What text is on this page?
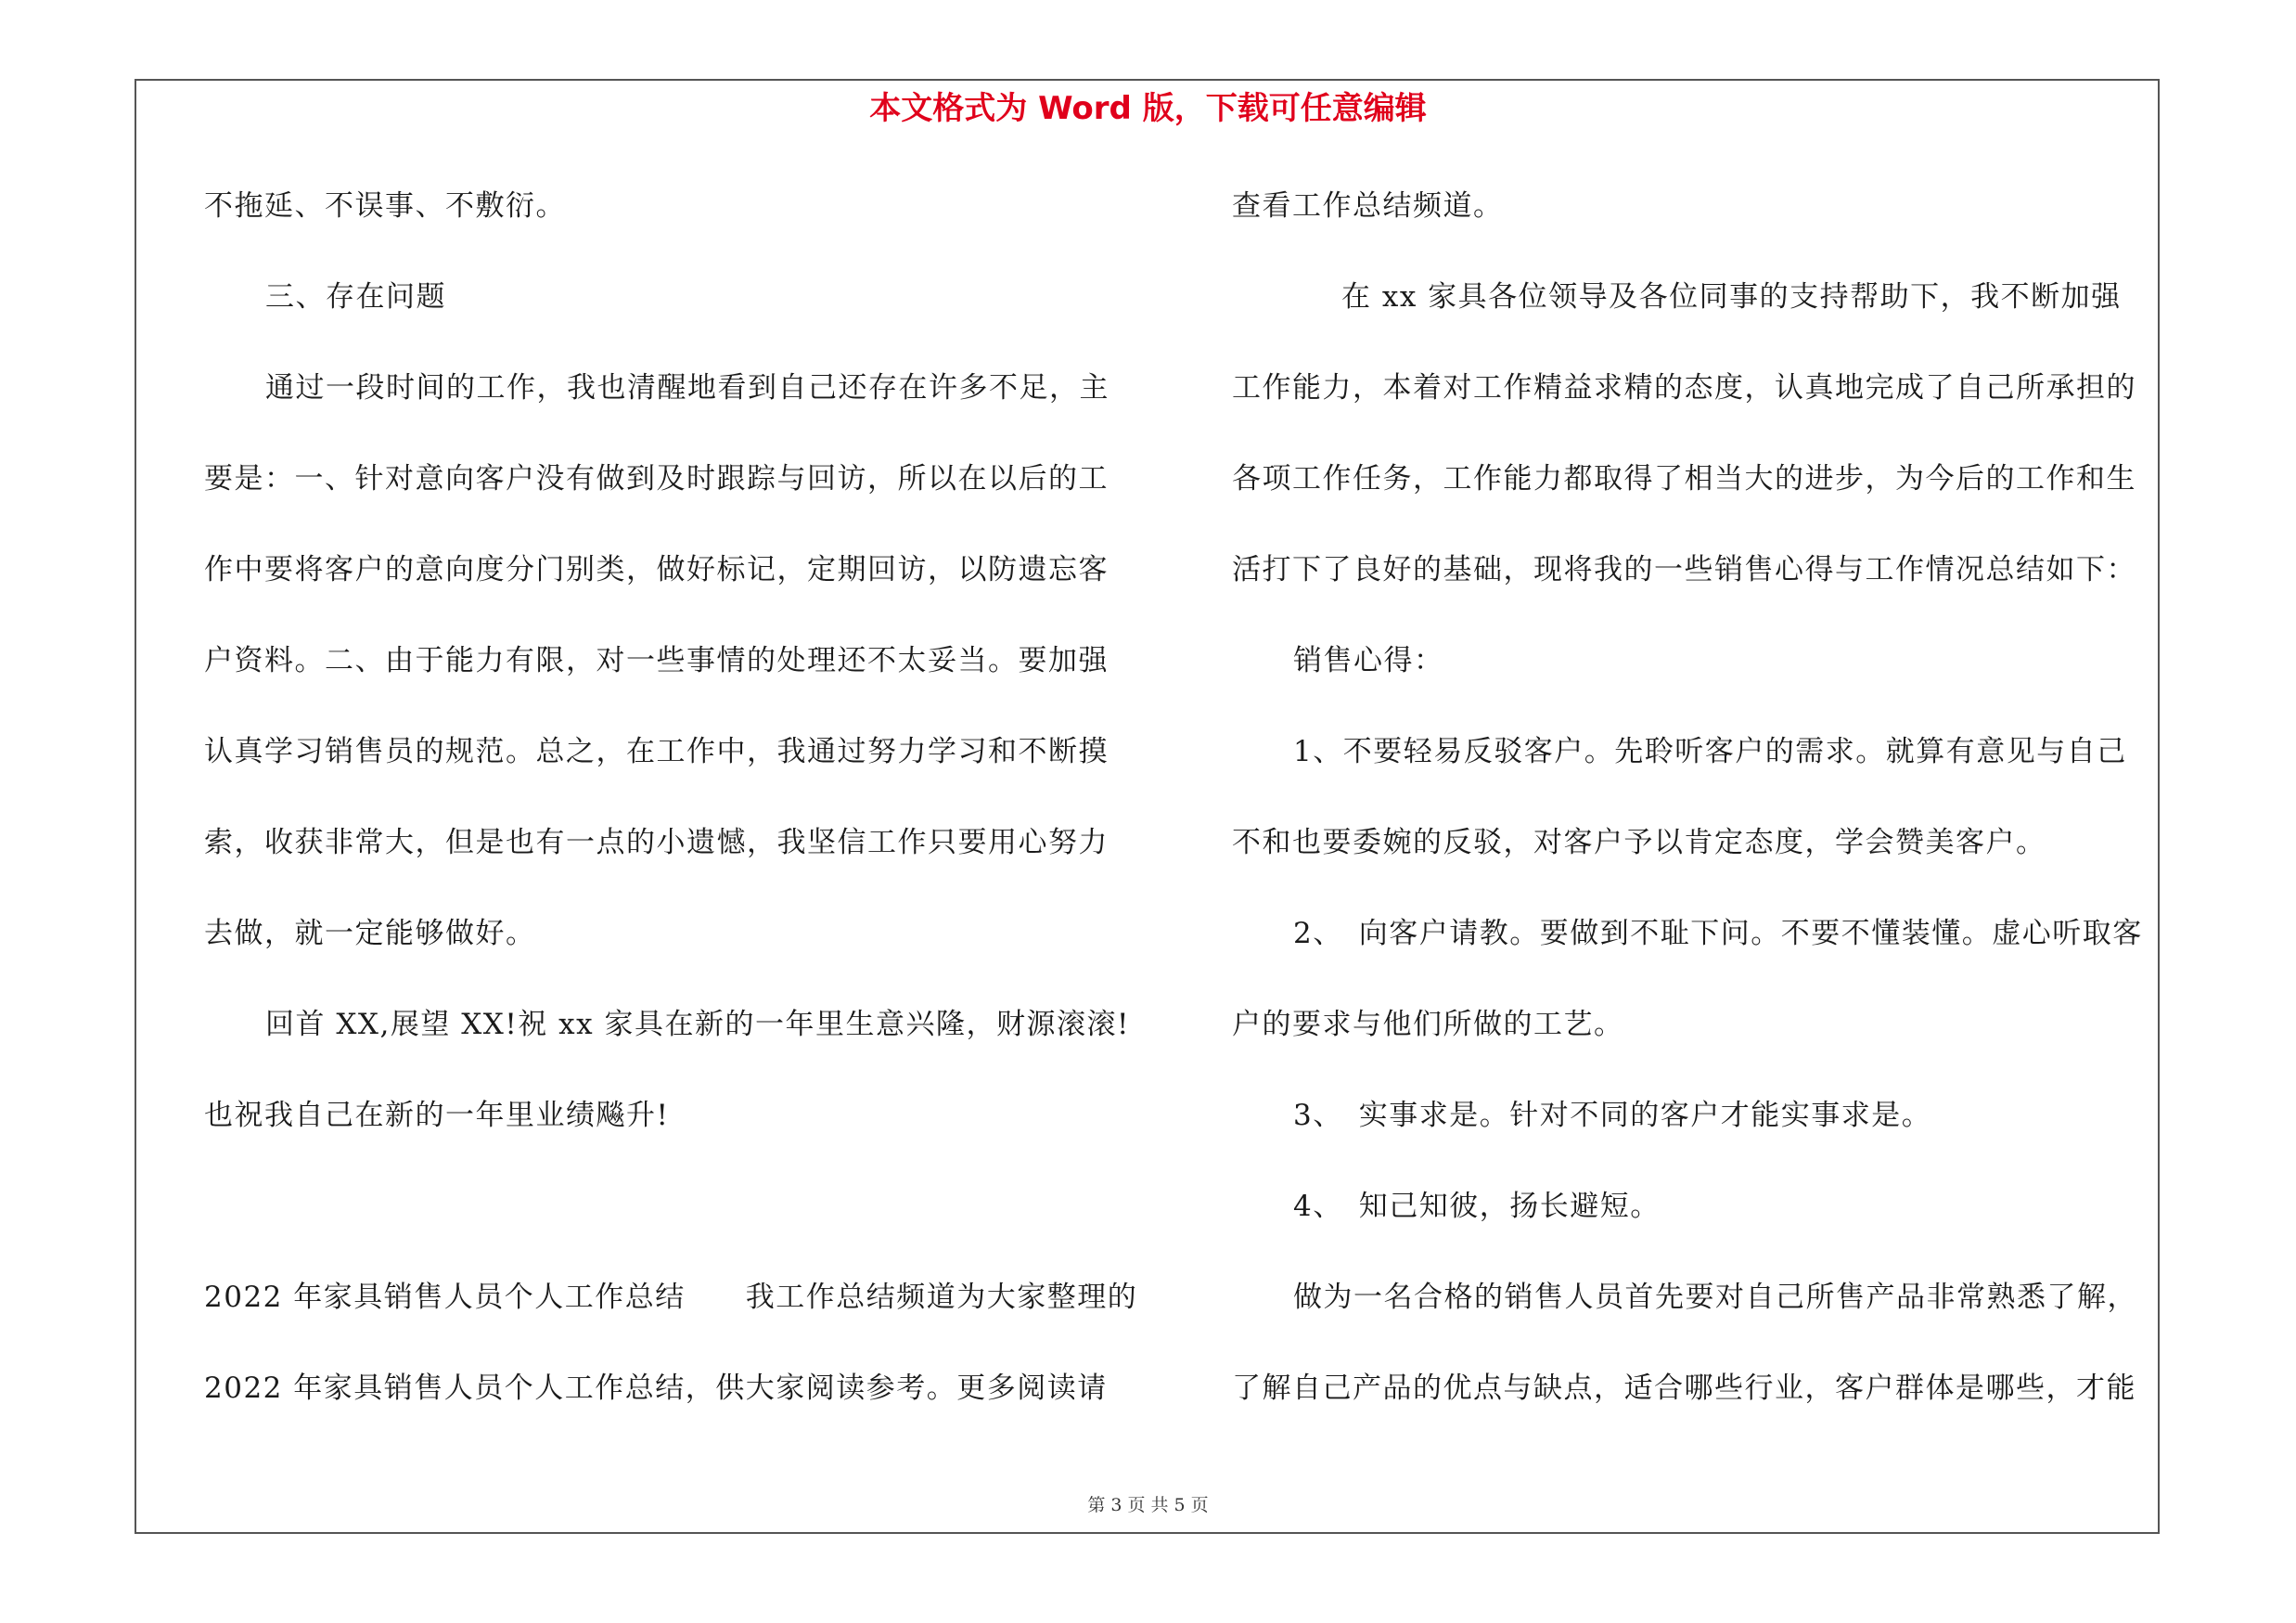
本文格式为 Word 版，下载可任意编辑
不拖延、不误事、不敷衍。
三、存在问题
通过一段时间的工作，我也清醒地看到自己还存在许多不足，主
要是：一、针对意向客户没有做到及时跟踪与回访，所以在以后的工
作中要将客户的意向度分门别类，做好标记，定期回访，以防遗忘客
户资料。二、由于能力有限，对一些事情的处理还不太妥当。要加强
认真学习销售员的规范。总之，在工作中，我通过努力学习和不断摸
索，收获非常大，但是也有一点的小遗憾，我坚信工作只要用心努力
去做，就一定能够做好。
回首 XX,展望 XX!祝 xx 家具在新的一年里生意兴隆，财源滚滚!
也祝我自己在新的一年里业绩飚升!
2022 年家具销售人员个人工作总结　　我工作总结频道为大家整理的
2022 年家具销售人员个人工作总结，供大家阅读参考。更多阅读请
查看工作总结频道。
在 xx 家具各位领导及各位同事的支持帮助下，我不断加强
工作能力，本着对工作精益求精的态度，认真地完成了自己所承担的
各项工作任务，工作能力都取得了相当大的进步，为今后的工作和生
活打下了良好的基础，现将我的一些销售心得与工作情况总结如下：
销售心得：
1、不要轻易反驳客户。先聆听客户的需求。就算有意见与自己
不和也要委婉的反驳，对客户予以肯定态度，学会赞美客户。
2、　向客户请教。要做到不耻下问。不要不懂装懂。虚心听取客
户的要求与他们所做的工艺。
3、　实事求是。针对不同的客户才能实事求是。
4、　知己知彼，扬长避短。
做为一名合格的销售人员首先要对自己所售产品非常熟悉了解，
了解自己产品的优点与缺点，适合哪些行业，客户群体是哪些，才能
第 3 页 共 5 页
